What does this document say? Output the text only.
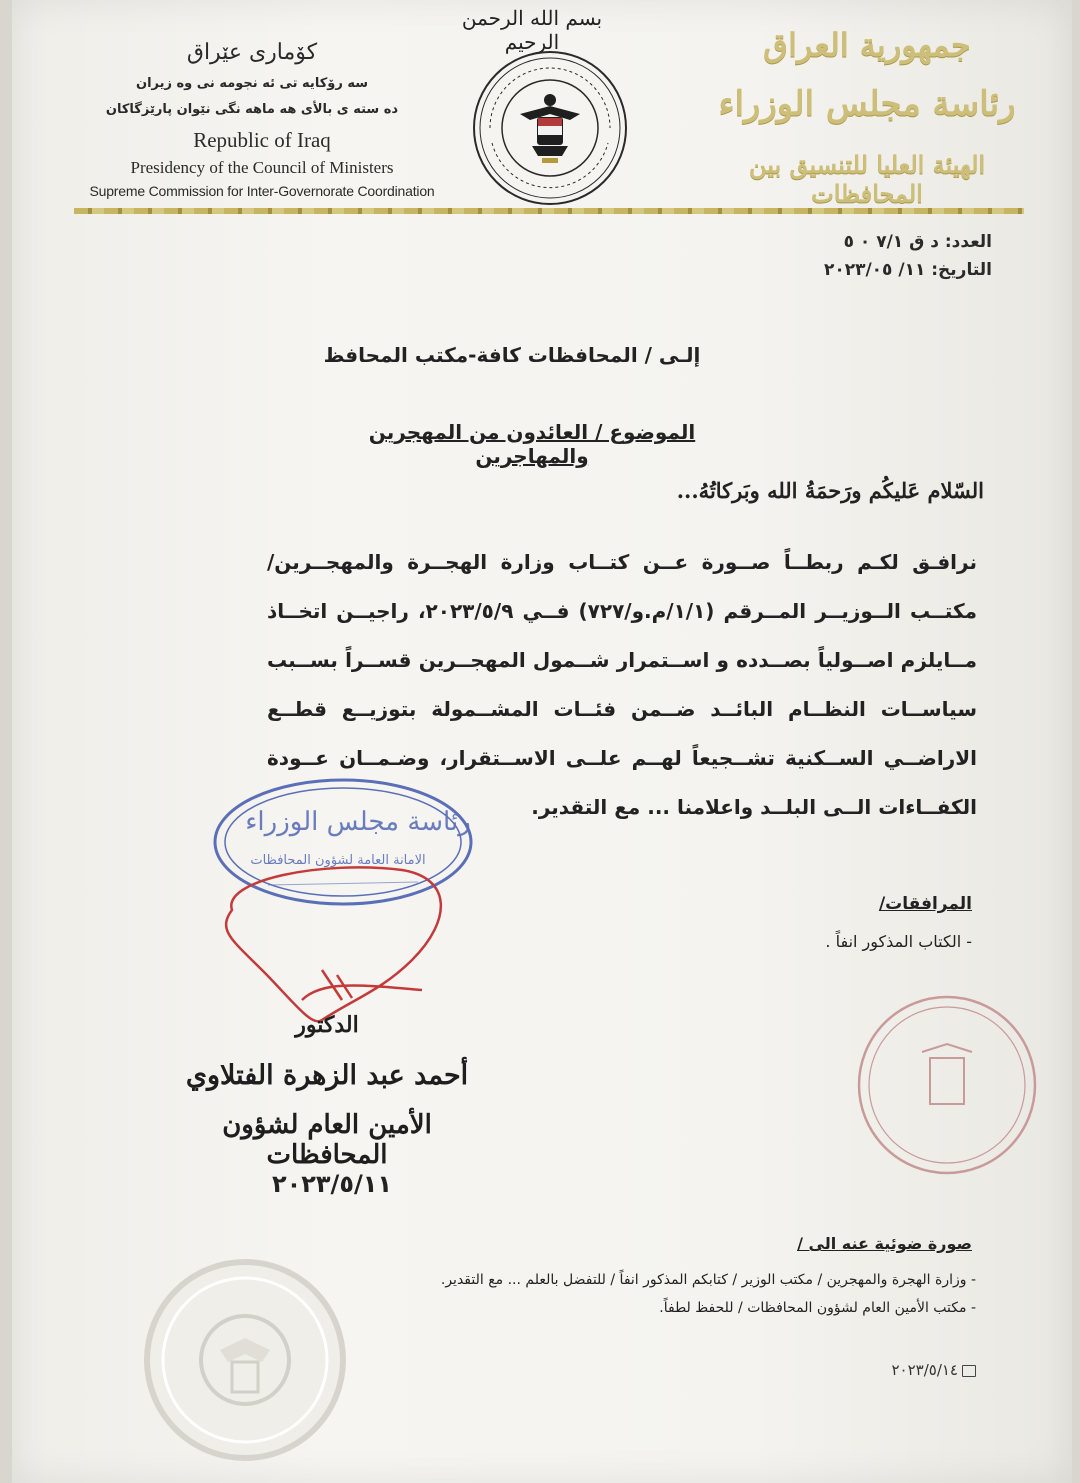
بسم الله الرحمن الرحيم
كۆماری عێراق
سه رۆكایه تی ئه نجومه نی وه زیران
ده سته ی بالأی هه ماهه نگی نێوان پارێزگاكان
Republic of Iraq
Presidency of the Council of Ministers
Supreme Commission for Inter-Governorate Coordination
جمهورية العراق
رئاسة مجلس الوزراء
الهيئة العليا للتنسيق بين المحافظات
العدد: د ق ٧/١ ٠ ٥
التاريخ: ١١/ ٢٠٢٣/٠٥
إلـى / المحافظات كافة-مكتب المحافظ
الموضوع / العائدون من المهجرين والمهاجرين
السّلام عَليكُم ورَحمَةُ الله وبَركاتُهُ...
نرافـق لكـم ربطــاً صــورة عــن كتــاب وزارة الهجــرة والمهجــرين/مكتــب الــوزيــر المــرقم (١/١/م.و/٧٢٧) فــي ٢٠٢٣/٥/٩، راجيــن اتخــاذ مــايلزم اصــولياً بصــدده و اســتمرار شــمول المهجــرين قســراً بســبب سياســات النظــام البائــد ضــمن فئــات المشــمولة بتوزيــع قطــع الاراضــي الســكنية تشــجيعاً لهــم علــى الاســتقرار، وضـمــان عــودة الكفــاءات الــى البلــد واعلامنا ... مع التقدير.
رئاسة مجلس الوزراء
الامانة العامة لشؤون المحافظات
المرافقات/
- الكتاب المذكور انفاً .
الدكتور
أحمد عبد الزهرة الفتلاوي
الأمين العام لشؤون المحافظات
٢٠٢٣/٥/١١
صورة ضوئية عنه الى /
- وزارة الهجرة والمهجرين / مكتب الوزير / كتابكم المذكور انفاً / للتفضل بالعلم ... مع التقدير.
- مكتب الأمين العام لشؤون المحافظات / للحفظ لطفاً.
٢٠٢٣/٥/١٤
